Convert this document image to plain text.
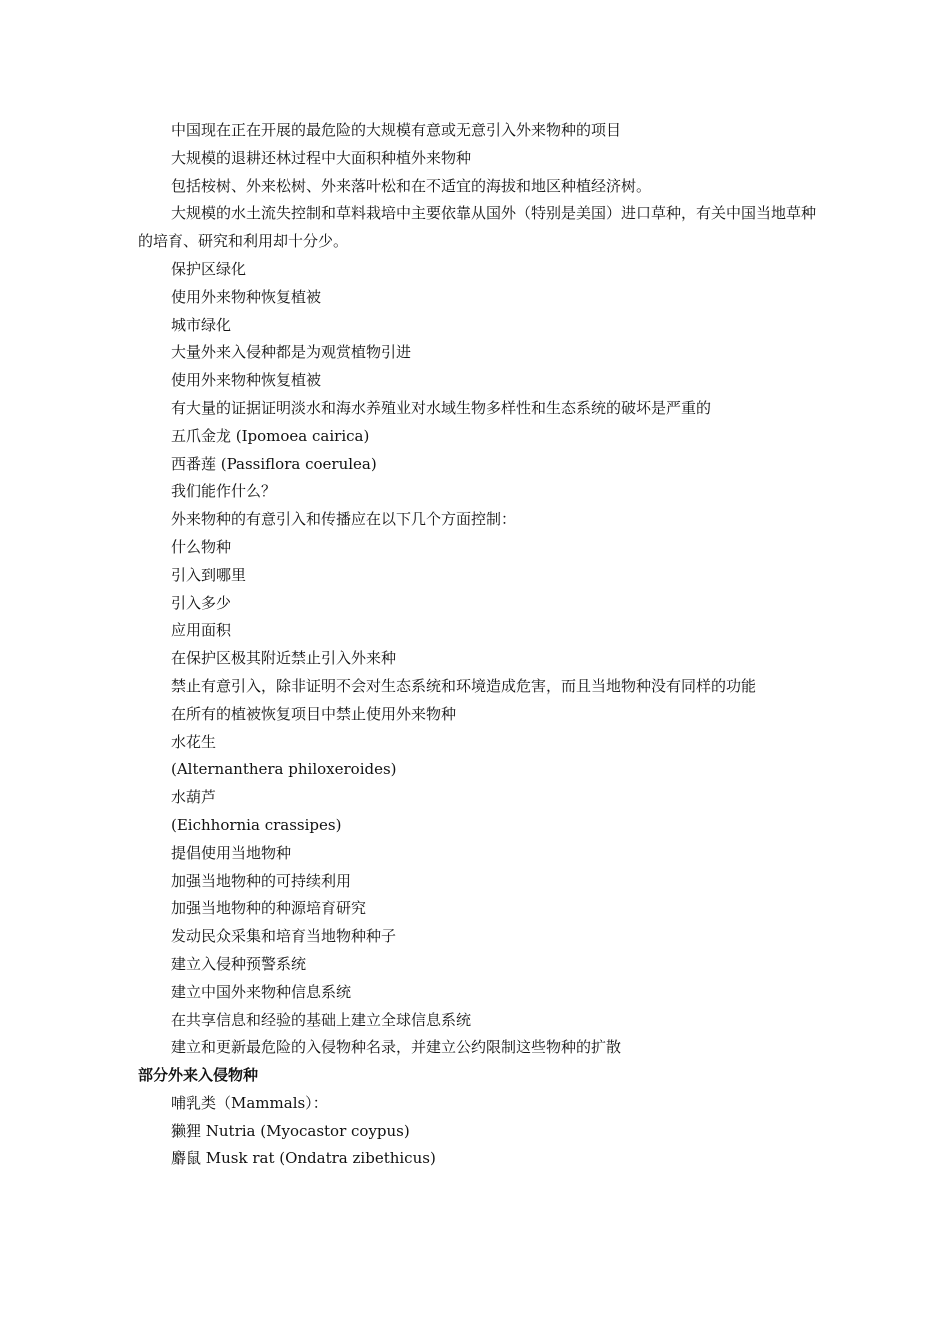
中国现在正在开展的最危险的大规模有意或无意引入外来物种的项目

大规模的退耕还林过程中大面积种植外来物种

包括桉树、外来松树、外来落叶松和在不适宜的海拔和地区种植经济树。

大规模的水土流失控制和草料栽培中主要依靠从国外（特别是美国）进口草种，有关中国当地草种的培育、研究和利用却十分少。

保护区绿化

使用外来物种恢复植被

城市绿化

大量外来入侵种都是为观赏植物引进

使用外来物种恢复植被

有大量的证据证明淡水和海水养殖业对水域生物多样性和生态系统的破坏是严重的

五爪金龙 (Ipomoea cairica)

西番莲 (Passiflora coerulea)

我们能作什么？

外来物种的有意引入和传播应在以下几个方面控制：

什么物种

引入到哪里

引入多少

应用面积

在保护区极其附近禁止引入外来种

禁止有意引入，除非证明不会对生态系统和环境造成危害，而且当地物种没有同样的功能

在所有的植被恢复项目中禁止使用外来物种

水花生

(Alternanthera philoxeroides)

水葫芦

(Eichhornia crassipes)

提倡使用当地物种

加强当地物种的可持续利用

加强当地物种的种源培育研究

发动民众采集和培育当地物种种子

建立入侵种预警系统

建立中国外来物种信息系统

在共享信息和经验的基础上建立全球信息系统

建立和更新最危险的入侵物种名录，并建立公约限制这些物种的扩散

部分外来入侵物种

哺乳类（Mammals）：

獭狸 Nutria (Myocastor coypus)

麝鼠 Musk rat (Ondatra zibethicus)
